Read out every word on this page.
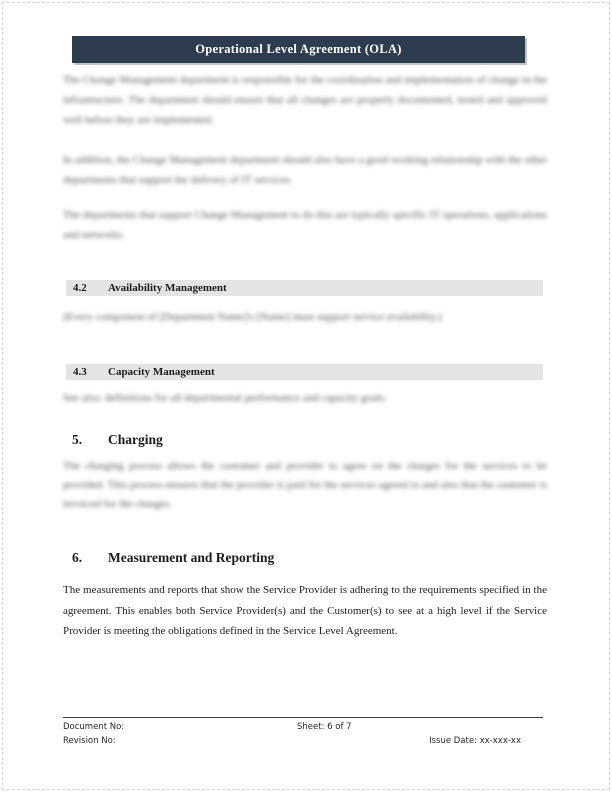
Operational Level Agreement (OLA)

The Change Management department is responsible for the coordination and implementation of change in the infrastructure. The department should ensure that all changes are properly documented, tested and approved well before they are implemented.

In addition, the Change Management department should also have a good working relationship with the other departments that support the delivery of IT services.

The departments that support Change Management to do this are typically specific IT operations, applications and networks.

4.2 Availability Management

(Every component of [Department Name]'s [Name] must support service availability.)

4.3 Capacity Management

See also: definitions for all departmental performance and capacity goals.

5. Charging

The charging process allows the customer and provider to agree on the charges for the services to be provided. This process ensures that the provider is paid for the services agreed to and also that the customer is invoiced for the charges.

6. Measurement and Reporting

The measurements and reports that show the Service Provider is adhering to the requirements specified in the agreement. This enables both Service Provider(s) and the Customer(s) to see at a high level if the Service Provider is meeting the obligations defined in the Service Level Agreement.

Document No:	Sheet: 6 of 7
Revision No:	Issue Date: xx-xxx-xx
